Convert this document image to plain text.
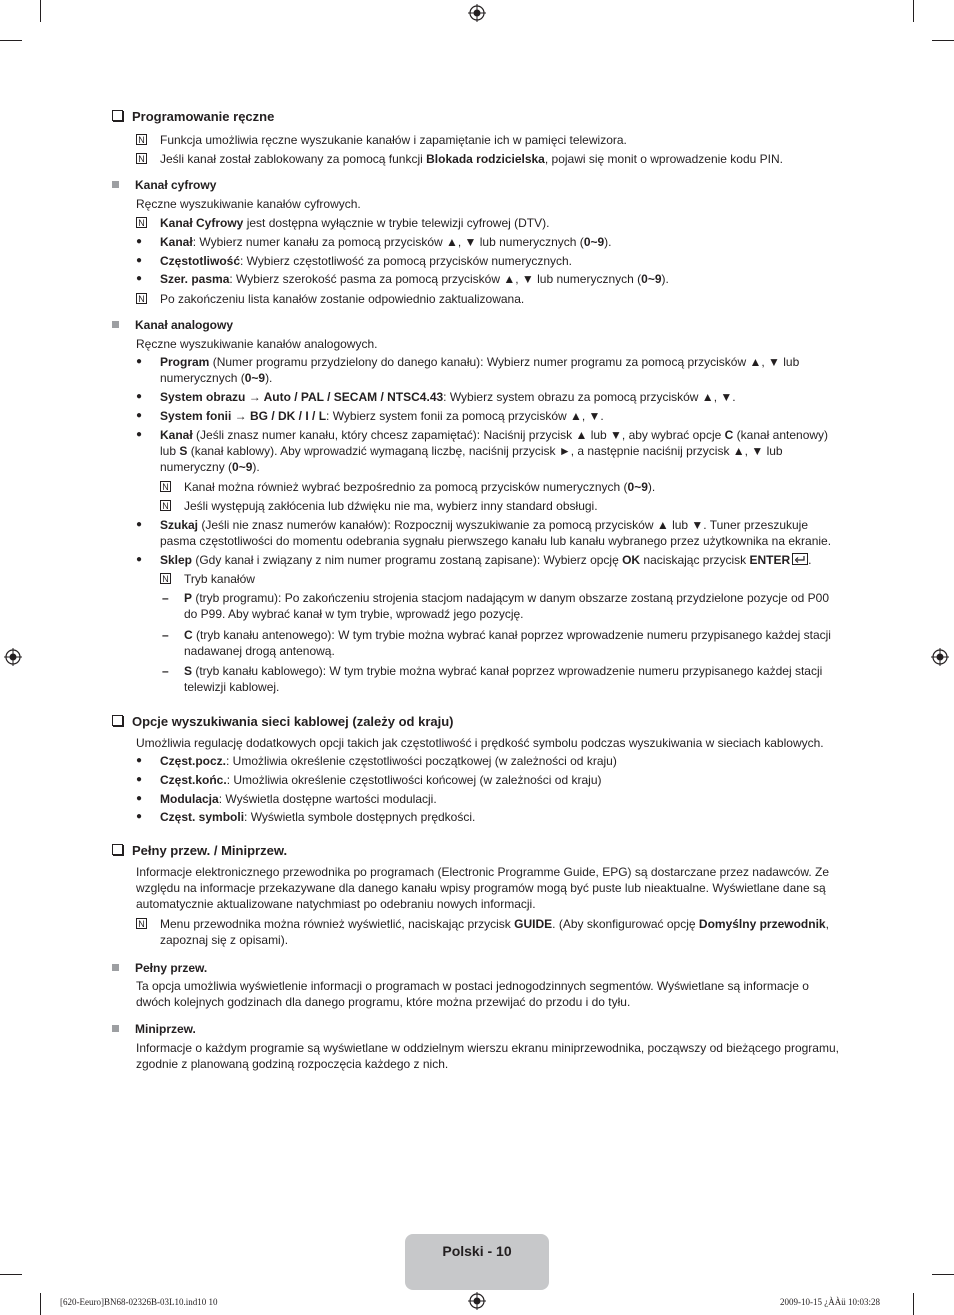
Programowanie ręczne
N Funkcja umożliwia ręczne wyszukanie kanałów i zapamiętanie ich w pamięci telewizora.
N Jeśli kanał został zablokowany za pomocą funkcji Blokada rodzicielska, pojawi się monit o wprowadzenie kodu PIN.
Kanał cyfrowy
Ręczne wyszukiwanie kanałów cyfrowych.
N Kanał Cyfrowy jest dostępna wyłącznie w trybie telewizji cyfrowej (DTV).
● Kanał: Wybierz numer kanału za pomocą przycisków ▲, ▼ lub numerycznych (0~9).
● Częstotliwość: Wybierz częstotliwość za pomocą przycisków numerycznych.
● Szer. pasma: Wybierz szerokość pasma za pomocą przycisków ▲, ▼ lub numerycznych (0~9).
N Po zakończeniu lista kanałów zostanie odpowiednio zaktualizowana.
Kanał analogowy
Ręczne wyszukiwanie kanałów analogowych.
● Program (Numer programu przydzielony do danego kanału): Wybierz numer programu za pomocą przycisków ▲, ▼ lub numerycznych (0~9).
● System obrazu → Auto / PAL / SECAM / NTSC4.43: Wybierz system obrazu za pomocą przycisków ▲, ▼.
● System fonii → BG / DK / I / L: Wybierz system fonii za pomocą przycisków ▲, ▼.
● Kanał (Jeśli znasz numer kanału, który chcesz zapamiętać): Naciśnij przycisk ▲ lub ▼, aby wybrać opcje C (kanał antenowy) lub S (kanał kablowy). Aby wprowadzić wymaganą liczbę, naciśnij przycisk ►, a następnie naciśnij przycisk ▲, ▼ lub numeryczny (0~9).
N Kanał można również wybrać bezpośrednio za pomocą przycisków numerycznych (0~9).
N Jeśli występują zakłócenia lub dźwięku nie ma, wybierz inny standard obsługi.
● Szukaj (Jeśli nie znasz numerów kanałów): Rozpocznij wyszukiwanie za pomocą przycisków ▲ lub ▼. Tuner przeszukuje pasma częstotliwości do momentu odebrania sygnału pierwszego kanału lub kanału wybranego przez użytkownika na ekranie.
● Sklep (Gdy kanał i związany z nim numer programu zostaną zapisane): Wybierz opcję OK naciskając przycisk ENTER .
N Tryb kanałów
– P (tryb programu): Po zakończeniu strojenia stacjom nadającym w danym obszarze zostaną przydzielone pozycje od P00 do P99. Aby wybrać kanał w tym trybie, wprowadź jego pozycję.
– C (tryb kanału antenowego): W tym trybie można wybrać kanał poprzez wprowadzenie numeru przypisanego każdej stacji nadawanej drogą antenową.
– S (tryb kanału kablowego): W tym trybie można wybrać kanał poprzez wprowadzenie numeru przypisanego każdej stacji telewizji kablowej.
Opcje wyszukiwania sieci kablowej (zależy od kraju)
Umożliwia regulację dodatkowych opcji takich jak częstotliwość i prędkość symbolu podczas wyszukiwania w sieciach kablowych.
● Częst.pocz.: Umożliwia określenie częstotliwości początkowej (w zależności od kraju)
● Częst.końc.: Umożliwia określenie częstotliwości końcowej (w zależności od kraju)
● Modulacja: Wyświetla dostępne wartości modulacji.
● Częst. symboli: Wyświetla symbole dostępnych prędkości.
Pełny przew. / Miniprzew.
Informacje elektronicznego przewodnika po programach (Electronic Programme Guide, EPG) są dostarczane przez nadawców. Ze względu na informacje przekazywane dla danego kanału wpisy programów mogą być puste lub nieaktualne. Wyświetlane dane są automatycznie aktualizowane natychmiast po odebraniu nowych informacji.
N Menu przewodnika można również wyświetlić, naciskając przycisk GUIDE. (Aby skonfigurować opcję Domyślny przewodnik, zapoznaj się z opisami).
Pełny przew.
Ta opcja umożliwia wyświetlenie informacji o programach w postaci jednogodzinnych segmentów. Wyświetlane są informacje o dwóch kolejnych godzinach dla danego programu, które można przewijać do przodu i do tyłu.
Miniprzew.
Informacje o każdym programie są wyświetlane w oddzielnym wierszu ekranu miniprzewodnika, począwszy od bieżącego programu, zgodnie z planowaną godziną rozpoczęcia każdego z nich.
Polski - 10
[620-Eeuro]BN68-02326B-03L10.ind10 10	2009-10-15 ¿ÀÀü 10:03:28
